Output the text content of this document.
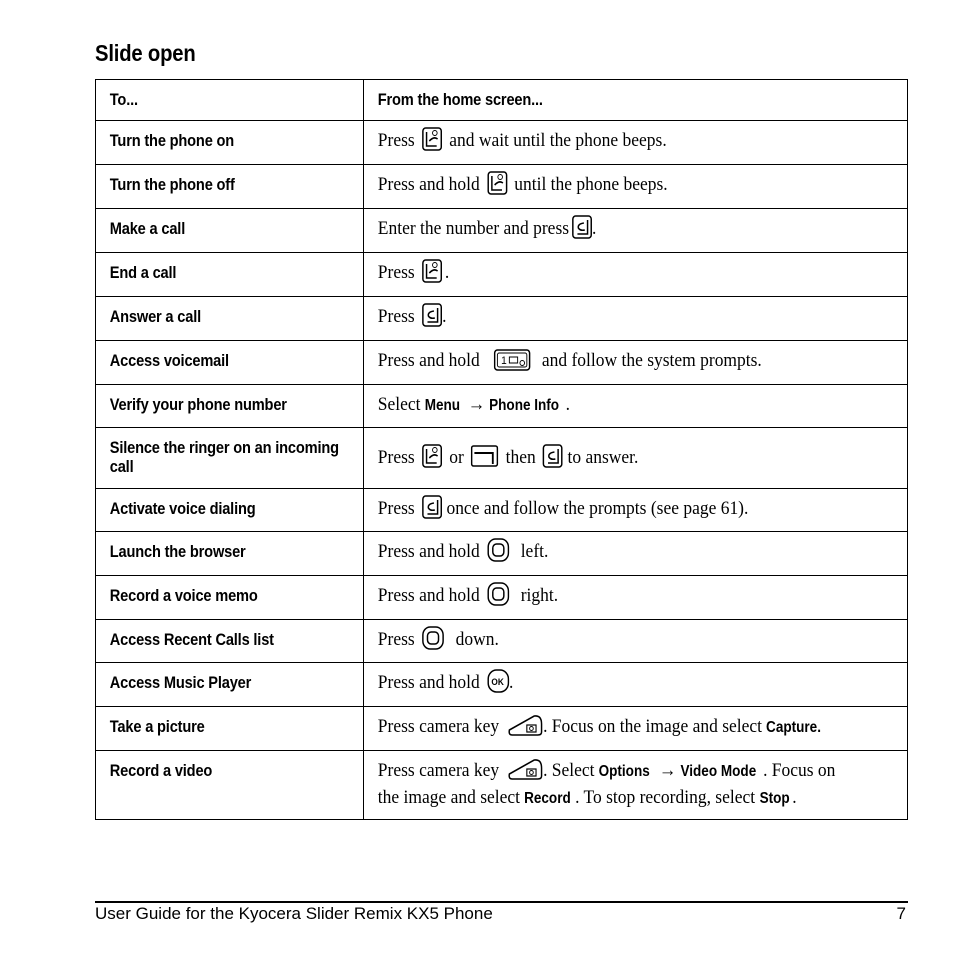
Slide open
To...	From the home screen...

Turn the phone on	Press and wait until the phone beeps.

Turn the phone off	Press and hold until the phone beeps.

Make a call	Enter the number and press .

End a call	Press .

Answer a call	Press .

Access voicemail	Press and hold 1 and follow the system prompts.

Verify your phone number	Select Menu → Phone Info .

Silence the ringer on an incoming call	Press or then to answer.

Activate voice dialing	Press once and follow the prompts (see page 61).

Launch the browser	Press and hold left.

Record a voice memo	Press and hold right.

Access Recent Calls list	Press down.

Access Music Player	Press and hold OK .

Take a picture	Press camera key . Focus on the image and select Capture.

Record a video	Press camera key . Select Options → Video Mode . Focus on the image and select Record . To stop recording, select Stop .
User Guide for the Kyocera Slider Remix KX5 Phone	7
